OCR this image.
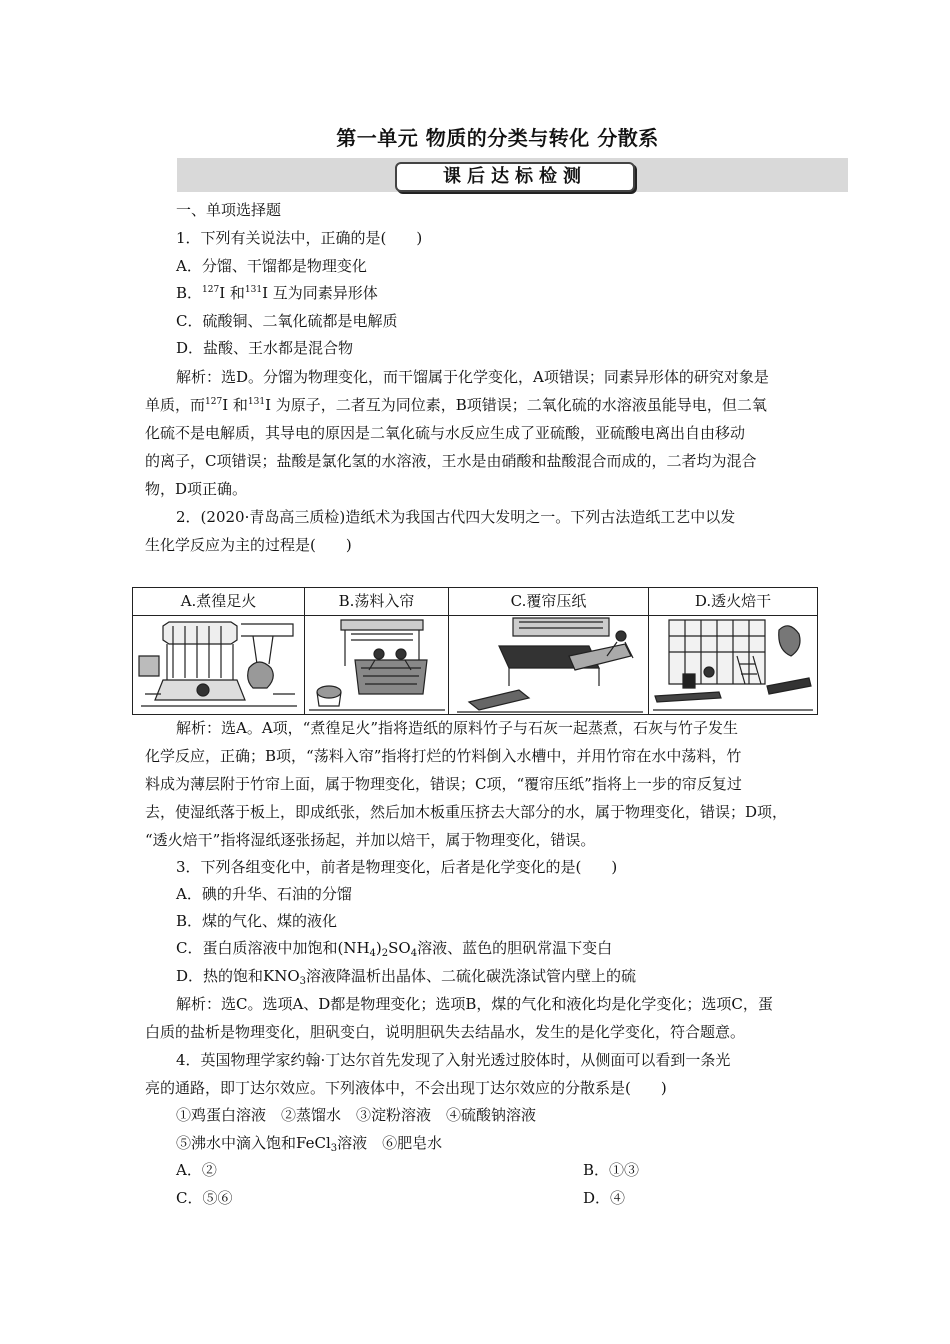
第一单元 物质的分类与转化 分散系
课后达标检测
一、单项选择题
1．下列有关说法中，正确的是(　　)
A．分馏、干馏都是物理变化
B．$^{127}$I 和$^{131}$I 互为同素异形体
C．硫酸铜、二氧化硫都是电解质
D．盐酸、王水都是混合物
解析：选D。分馏为物理变化，而干馏属于化学变化，A项错误；同素异形体的研究对象是
单质，而$^{127}$I 和$^{131}$I 为原子，二者互为同位素，B项错误；二氧化硫的水溶液虽能导电，但二氧
化硫不是电解质，其导电的原因是二氧化硫与水反应生成了亚硫酸，亚硫酸电离出自由移动
的离子，C项错误；盐酸是氯化氢的水溶液，王水是由硝酸和盐酸混合而成的，二者均为混合
物，D项正确。
2．(2020·青岛高三质检)造纸术为我国古代四大发明之一。下列古法造纸工艺中以发
生化学反应为主的过程是(　　)
A.煮徨足火	B.荡料入帘	C.覆帘压纸	D.透火焙干
解析：选A。A项，“煮徨足火”指将造纸的原料竹子与石灰一起蒸煮，石灰与竹子发生
化学反应，正确；B项，“荡料入帘”指将打烂的竹料倒入水槽中，并用竹帘在水中荡料，竹
料成为薄层附于竹帘上面，属于物理变化，错误；C项，“覆帘压纸”指将上一步的帘反复过
去，使湿纸落于板上，即成纸张，然后加木板重压挤去大部分的水，属于物理变化，错误；D项，
“透火焙干”指将湿纸逐张扬起，并加以焙干，属于物理变化，错误。
3．下列各组变化中，前者是物理变化，后者是化学变化的是(　　)
A．碘的升华、石油的分馏
B．煤的气化、煤的液化
C．蛋白质溶液中加饱和$(NH_4)_2SO_4$溶液、蓝色的胆矾常温下变白
D．热的饱和$KNO_3$溶液降温析出晶体、二硫化碳洗涤试管内壁上的硫
解析：选C。选项A、D都是物理变化；选项B，煤的气化和液化均是化学变化；选项C，蛋
白质的盐析是物理变化，胆矾变白，说明胆矾失去结晶水，发生的是化学变化，符合题意。
4．英国物理学家约翰·丁达尔首先发现了入射光透过胶体时，从侧面可以看到一条光
亮的通路，即丁达尔效应。下列液体中，不会出现丁达尔效应的分散系是(　　)
①鸡蛋白溶液　②蒸馏水　③淀粉溶液　④硫酸钠溶液
⑤沸水中滴入饱和FeCl$_3$溶液　⑥肥皂水
A．②	B．①③
C．⑤⑥	D．④
